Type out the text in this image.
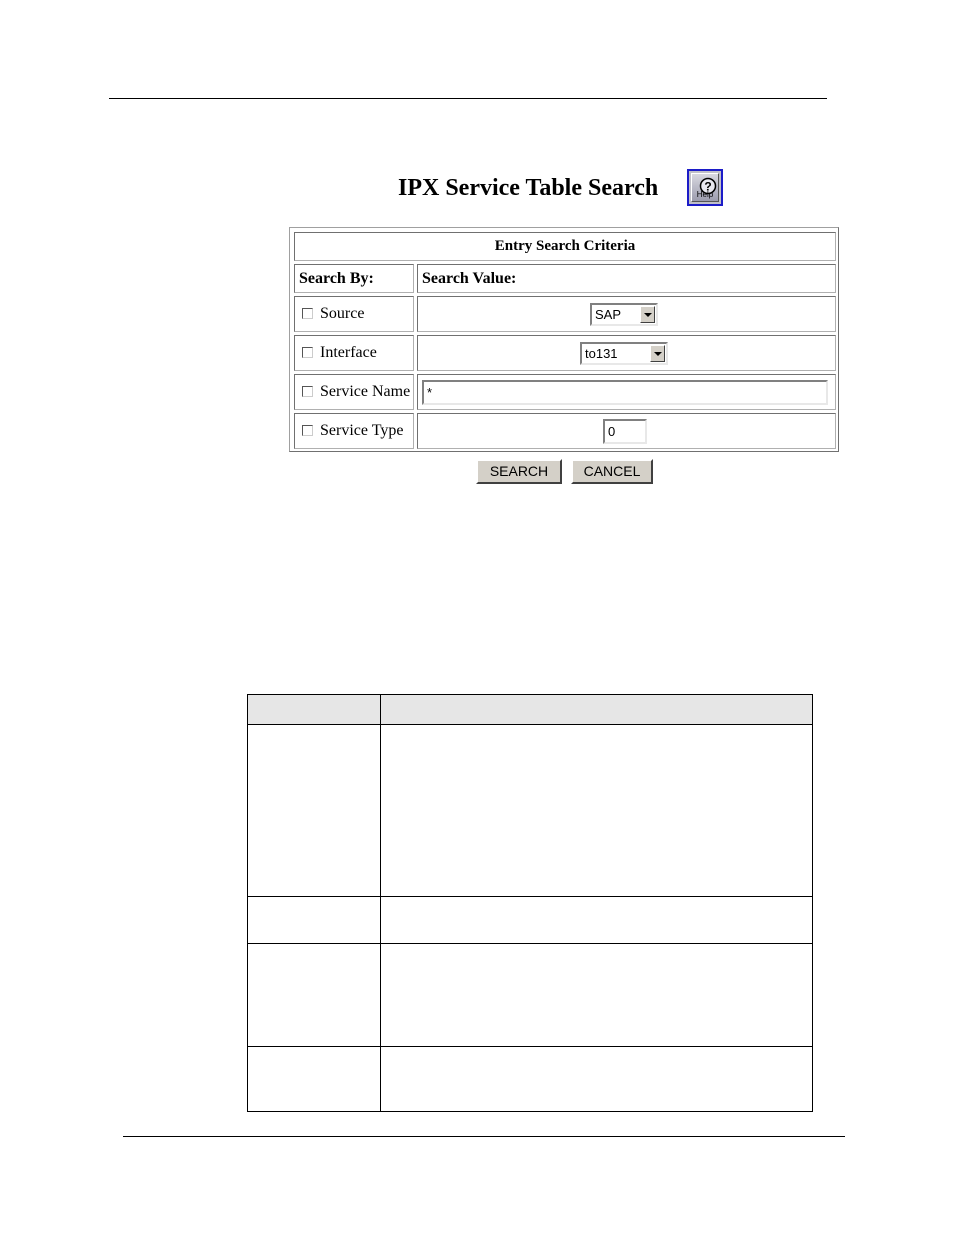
IPX Service Table Search	?
Help
Entry Search Criteria
Search By:	Search Value:
Source	SAP
Interface	to131
Service Name *
Service Type	0
SEARCH	CANCEL
